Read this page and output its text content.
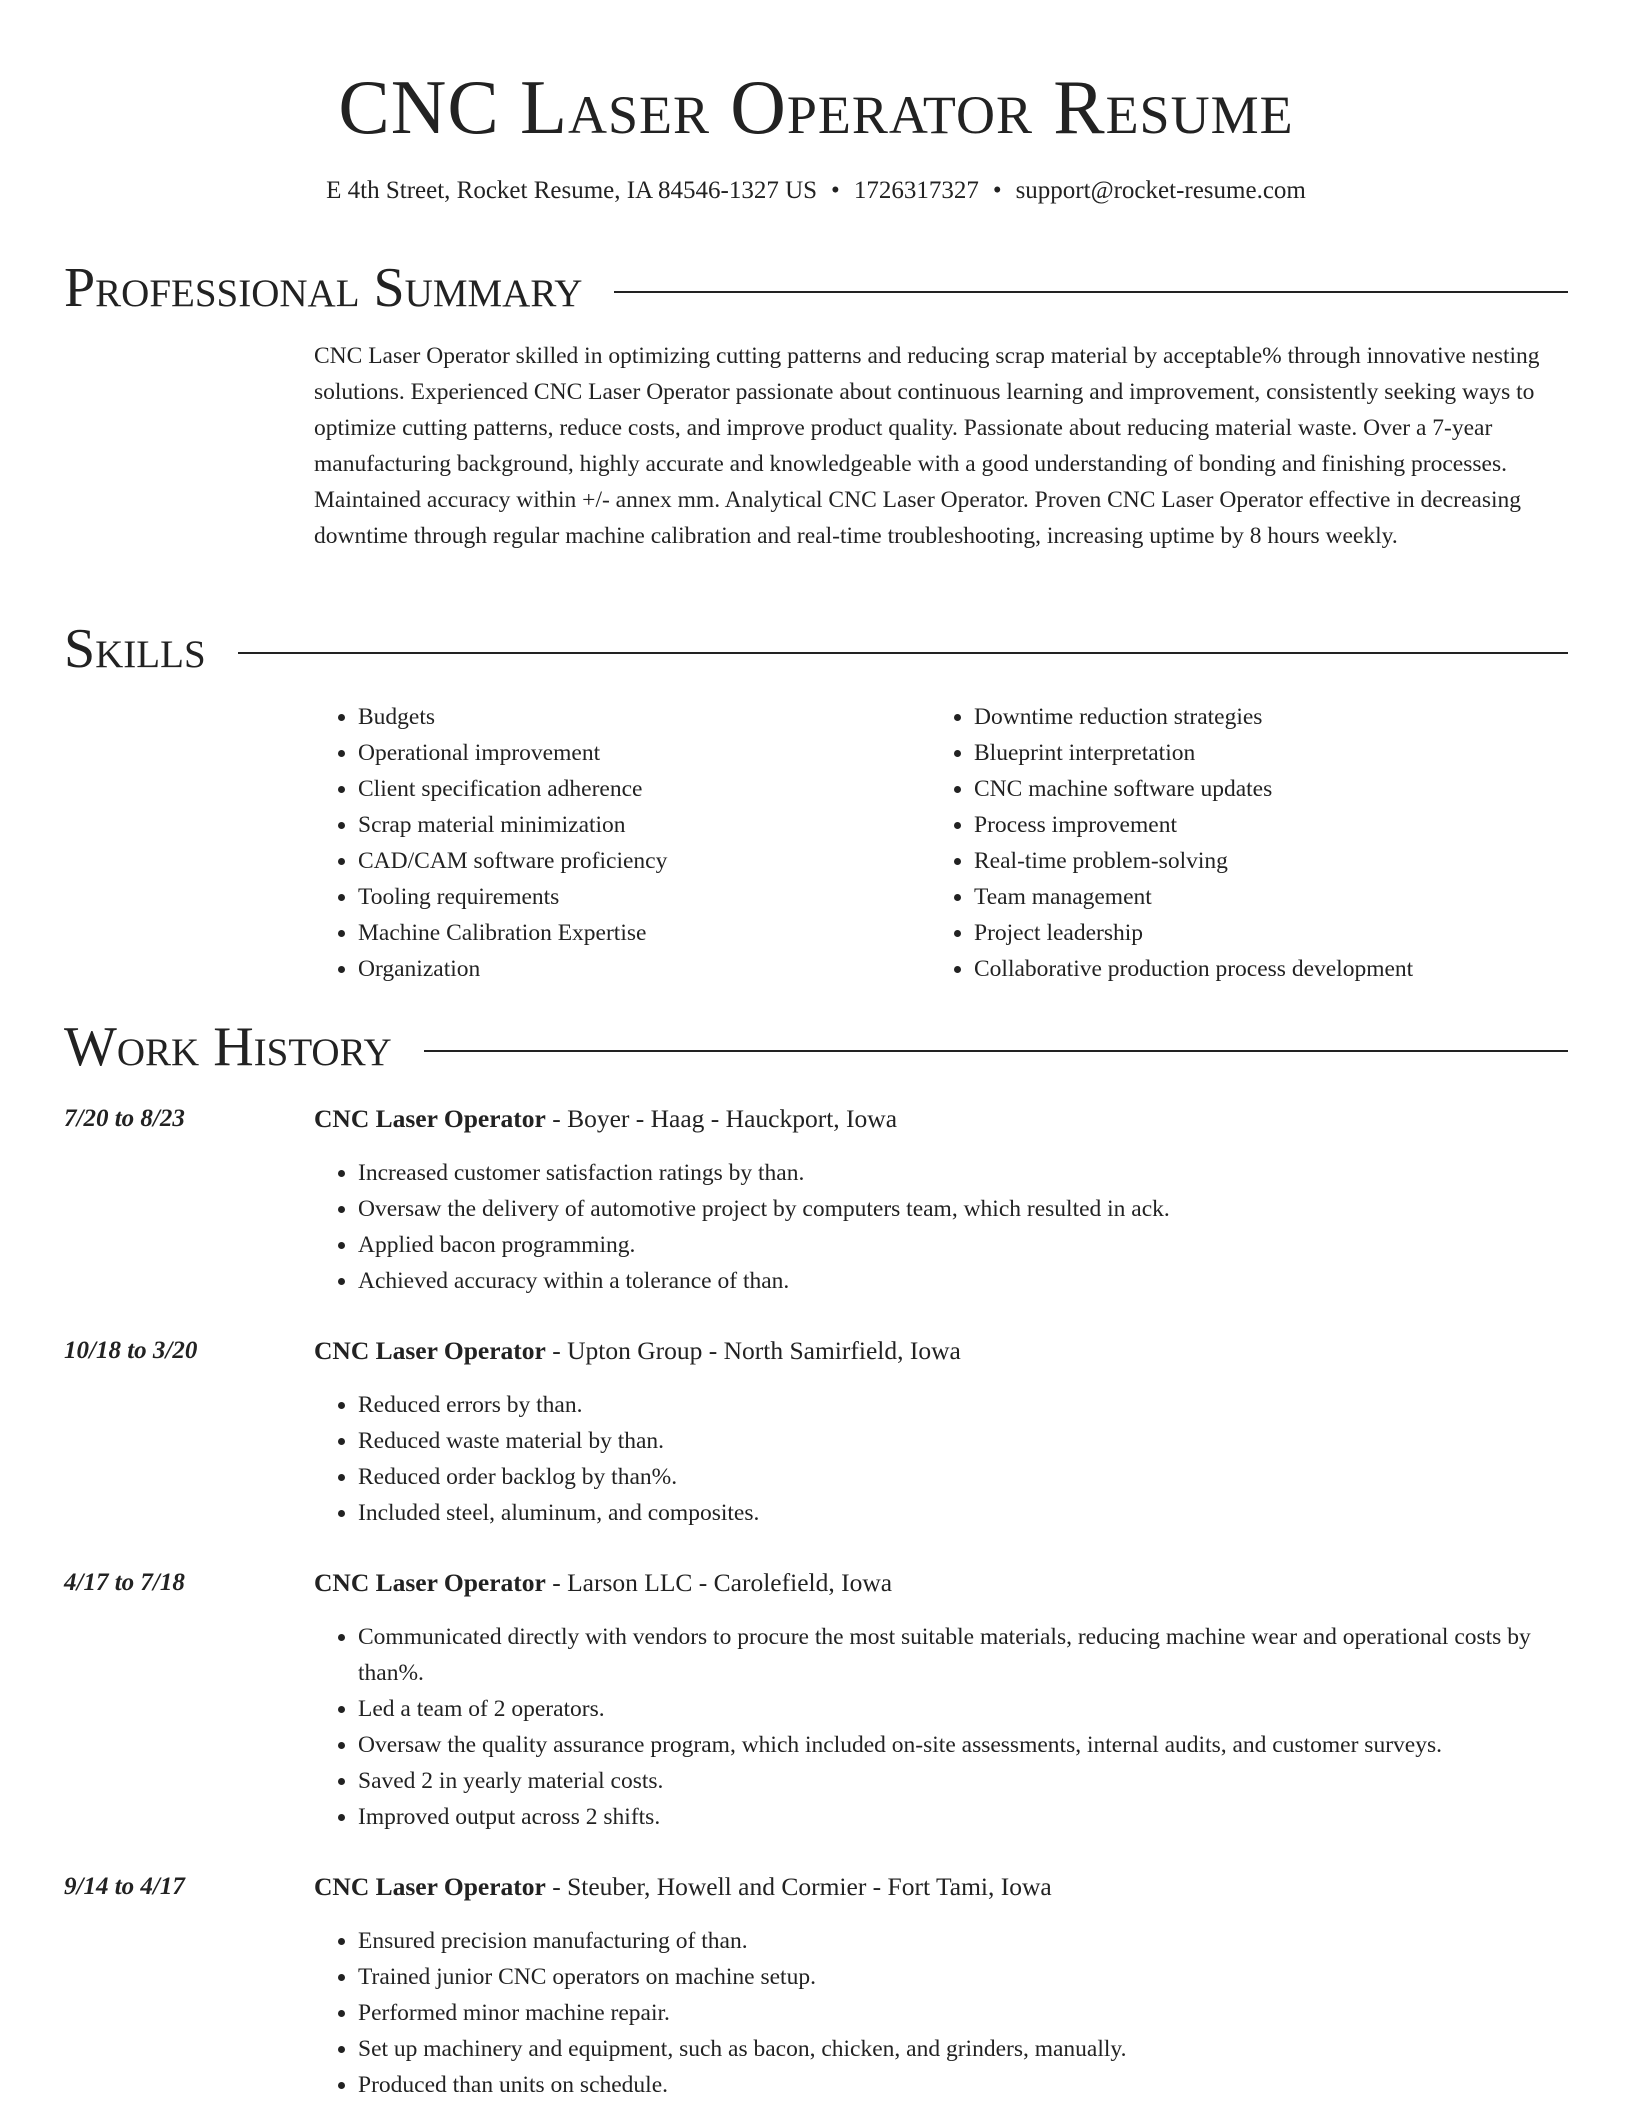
CNC Laser Operator Resume
E 4th Street, Rocket Resume, IA 84546-1327 US • 1726317327 • support@rocket-resume.com
Professional Summary

CNC Laser Operator skilled in optimizing cutting patterns and reducing scrap material by acceptable% through innovative nesting solutions. Experienced CNC Laser Operator passionate about continuous learning and improvement, consistently seeking ways to optimize cutting patterns, reduce costs, and improve product quality. Passionate about reducing material waste. Over a 7-year manufacturing background, highly accurate and knowledgeable with a good understanding of bonding and finishing processes. Maintained accuracy within +/- annex mm. Analytical CNC Laser Operator. Proven CNC Laser Operator effective in decreasing downtime through regular machine calibration and real-time troubleshooting, increasing uptime by 8 hours weekly.

Skills
• Budgets
• Operational improvement
• Client specification adherence
• Scrap material minimization
• CAD/CAM software proficiency
• Tooling requirements
• Machine Calibration Expertise
• Organization
• Downtime reduction strategies
• Blueprint interpretation
• CNC machine software updates
• Process improvement
• Real-time problem-solving
• Team management
• Project leadership
• Collaborative production process development
Work History
7/20 to 8/23	CNC Laser Operator - Boyer - Haag - Hauckport, Iowa
• Increased customer satisfaction ratings by than.
• Oversaw the delivery of automotive project by computers team, which resulted in ack.
• Applied bacon programming.
• Achieved accuracy within a tolerance of than.
10/18 to 3/20	CNC Laser Operator - Upton Group - North Samirfield, Iowa
• Reduced errors by than.
• Reduced waste material by than.
• Reduced order backlog by than%.
• Included steel, aluminum, and composites.
4/17 to 7/18	CNC Laser Operator - Larson LLC - Carolefield, Iowa
• Communicated directly with vendors to procure the most suitable materials, reducing machine wear and operational costs by than%.
• Led a team of 2 operators.
• Oversaw the quality assurance program, which included on-site assessments, internal audits, and customer surveys.
• Saved 2 in yearly material costs.
• Improved output across 2 shifts.
9/14 to 4/17	CNC Laser Operator - Steuber, Howell and Cormier - Fort Tami, Iowa
• Ensured precision manufacturing of than.
• Trained junior CNC operators on machine setup.
• Performed minor machine repair.
• Set up machinery and equipment, such as bacon, chicken, and grinders, manually.
• Produced than units on schedule.
